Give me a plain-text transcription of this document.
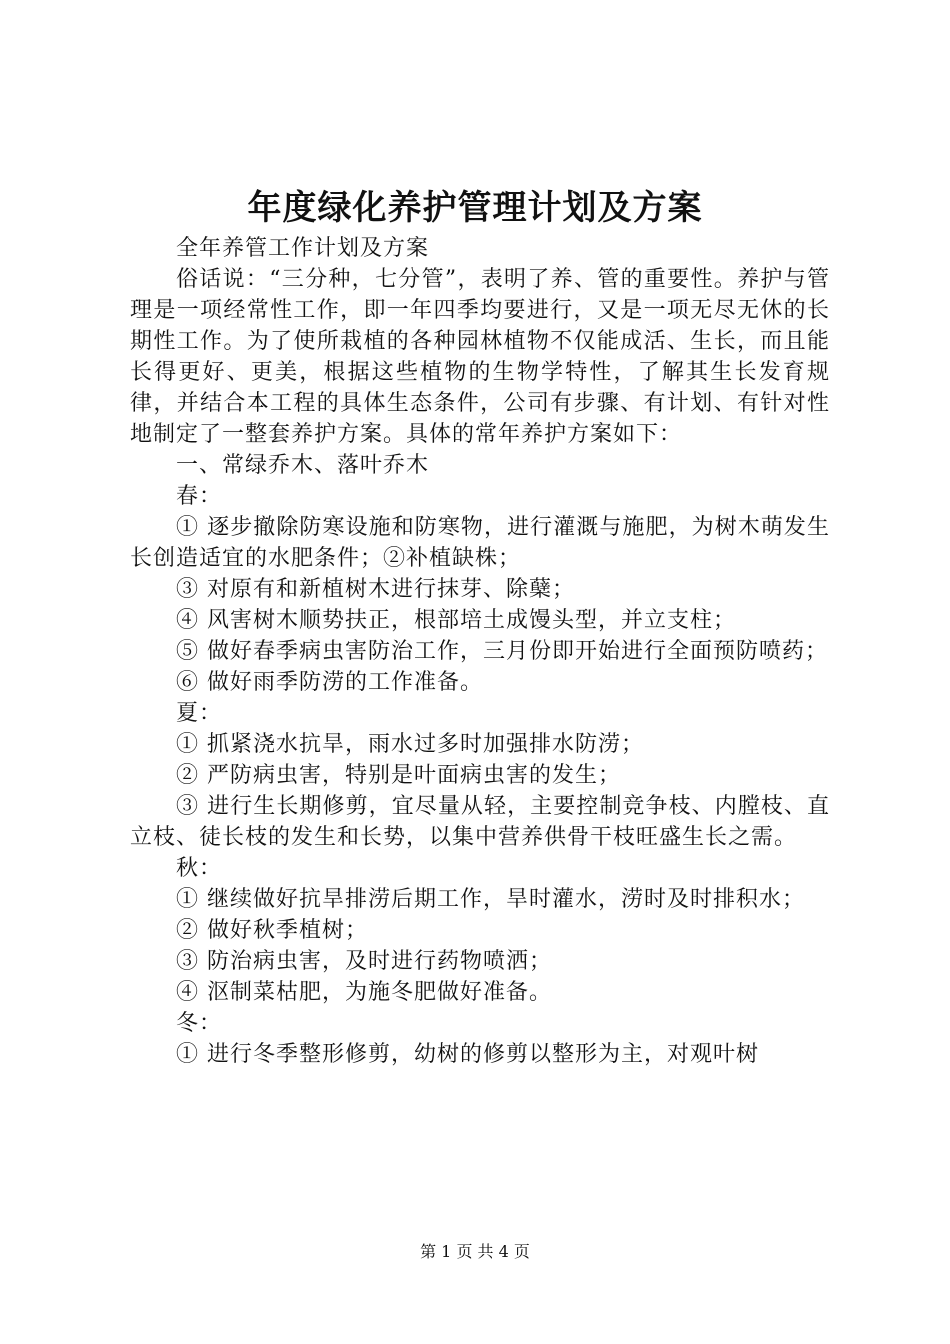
年度绿化养护管理计划及方案

全年养管工作计划及方案

俗话说：“三分种，七分管”，表明了养、管的重要性。养护与管理是一项经常性工作，即一年四季均要进行，又是一项无尽无休的长期性工作。为了使所栽植的各种园林植物不仅能成活、生长，而且能长得更好、更美，根据这些植物的生物学特性，了解其生长发育规律，并结合本工程的具体生态条件，公司有步骤、有计划、有针对性地制定了一整套养护方案。具体的常年养护方案如下：

一、常绿乔木、落叶乔木

春：

① 逐步撤除防寒设施和防寒物，进行灌溉与施肥，为树木萌发生长创造适宜的水肥条件；②补植缺株；

③ 对原有和新植树木进行抹芽、除蘖；

④ 风害树木顺势扶正，根部培土成馒头型，并立支柱；

⑤ 做好春季病虫害防治工作，三月份即开始进行全面预防喷药；

⑥ 做好雨季防涝的工作准备。

夏：

① 抓紧浇水抗旱，雨水过多时加强排水防涝；

② 严防病虫害，特别是叶面病虫害的发生；

③ 进行生长期修剪，宜尽量从轻，主要控制竞争枝、内膛枝、直立枝、徒长枝的发生和长势，以集中营养供骨干枝旺盛生长之需。

秋：

① 继续做好抗旱排涝后期工作，旱时灌水，涝时及时排积水；

② 做好秋季植树；

③ 防治病虫害，及时进行药物喷洒；

④ 沤制菜枯肥，为施冬肥做好准备。

冬：

① 进行冬季整形修剪，幼树的修剪以整形为主，对观叶树

第 1 页 共 4 页
